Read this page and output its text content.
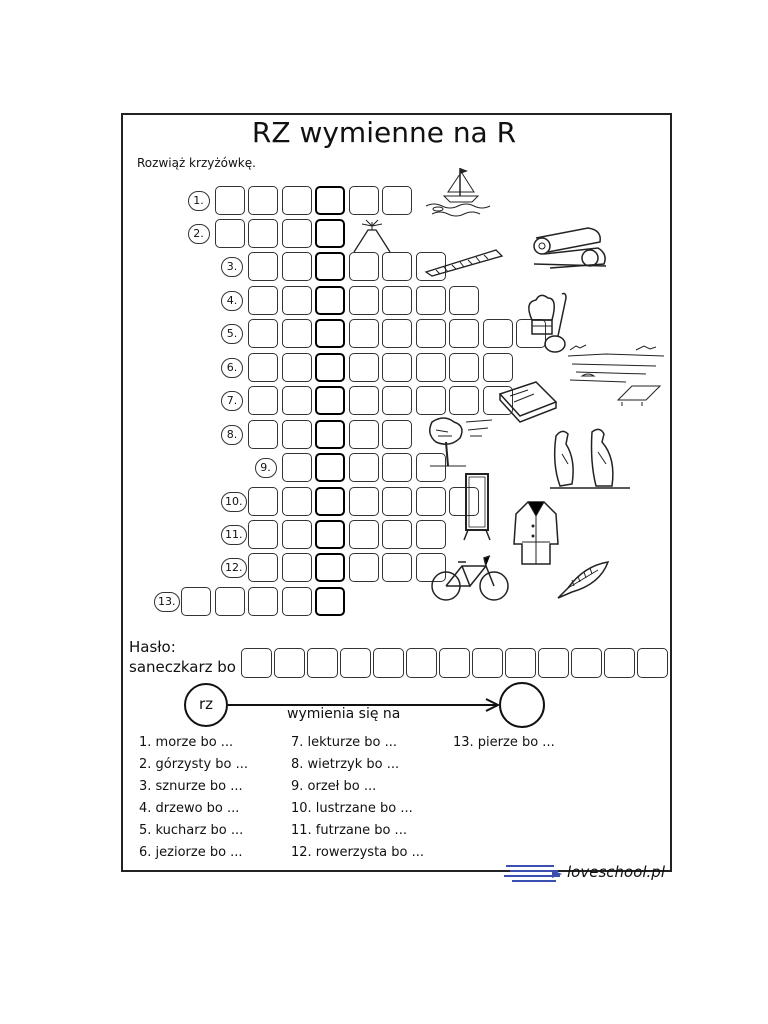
RZ wymienne na R
Rozwiąż krzyżówkę.
1.
2.
3.
4.
5.
6.
7.
8.
9.
10.
11.
12.
13.
Hasło:
saneczkarz bo
rz
wymienia się na
1. morze bo ...
2. górzysty bo ...
3. sznurze bo ...
4. drzewo bo ...
5. kucharz bo ...
6. jeziorze bo ...
7. lekturze bo ...
8. wietrzyk bo ...
9. orzeł bo ...
10. lustrzane bo ...
11. futrzane bo ...
12. rowerzysta bo ...
13. pierze bo ...
loveschool.pl
